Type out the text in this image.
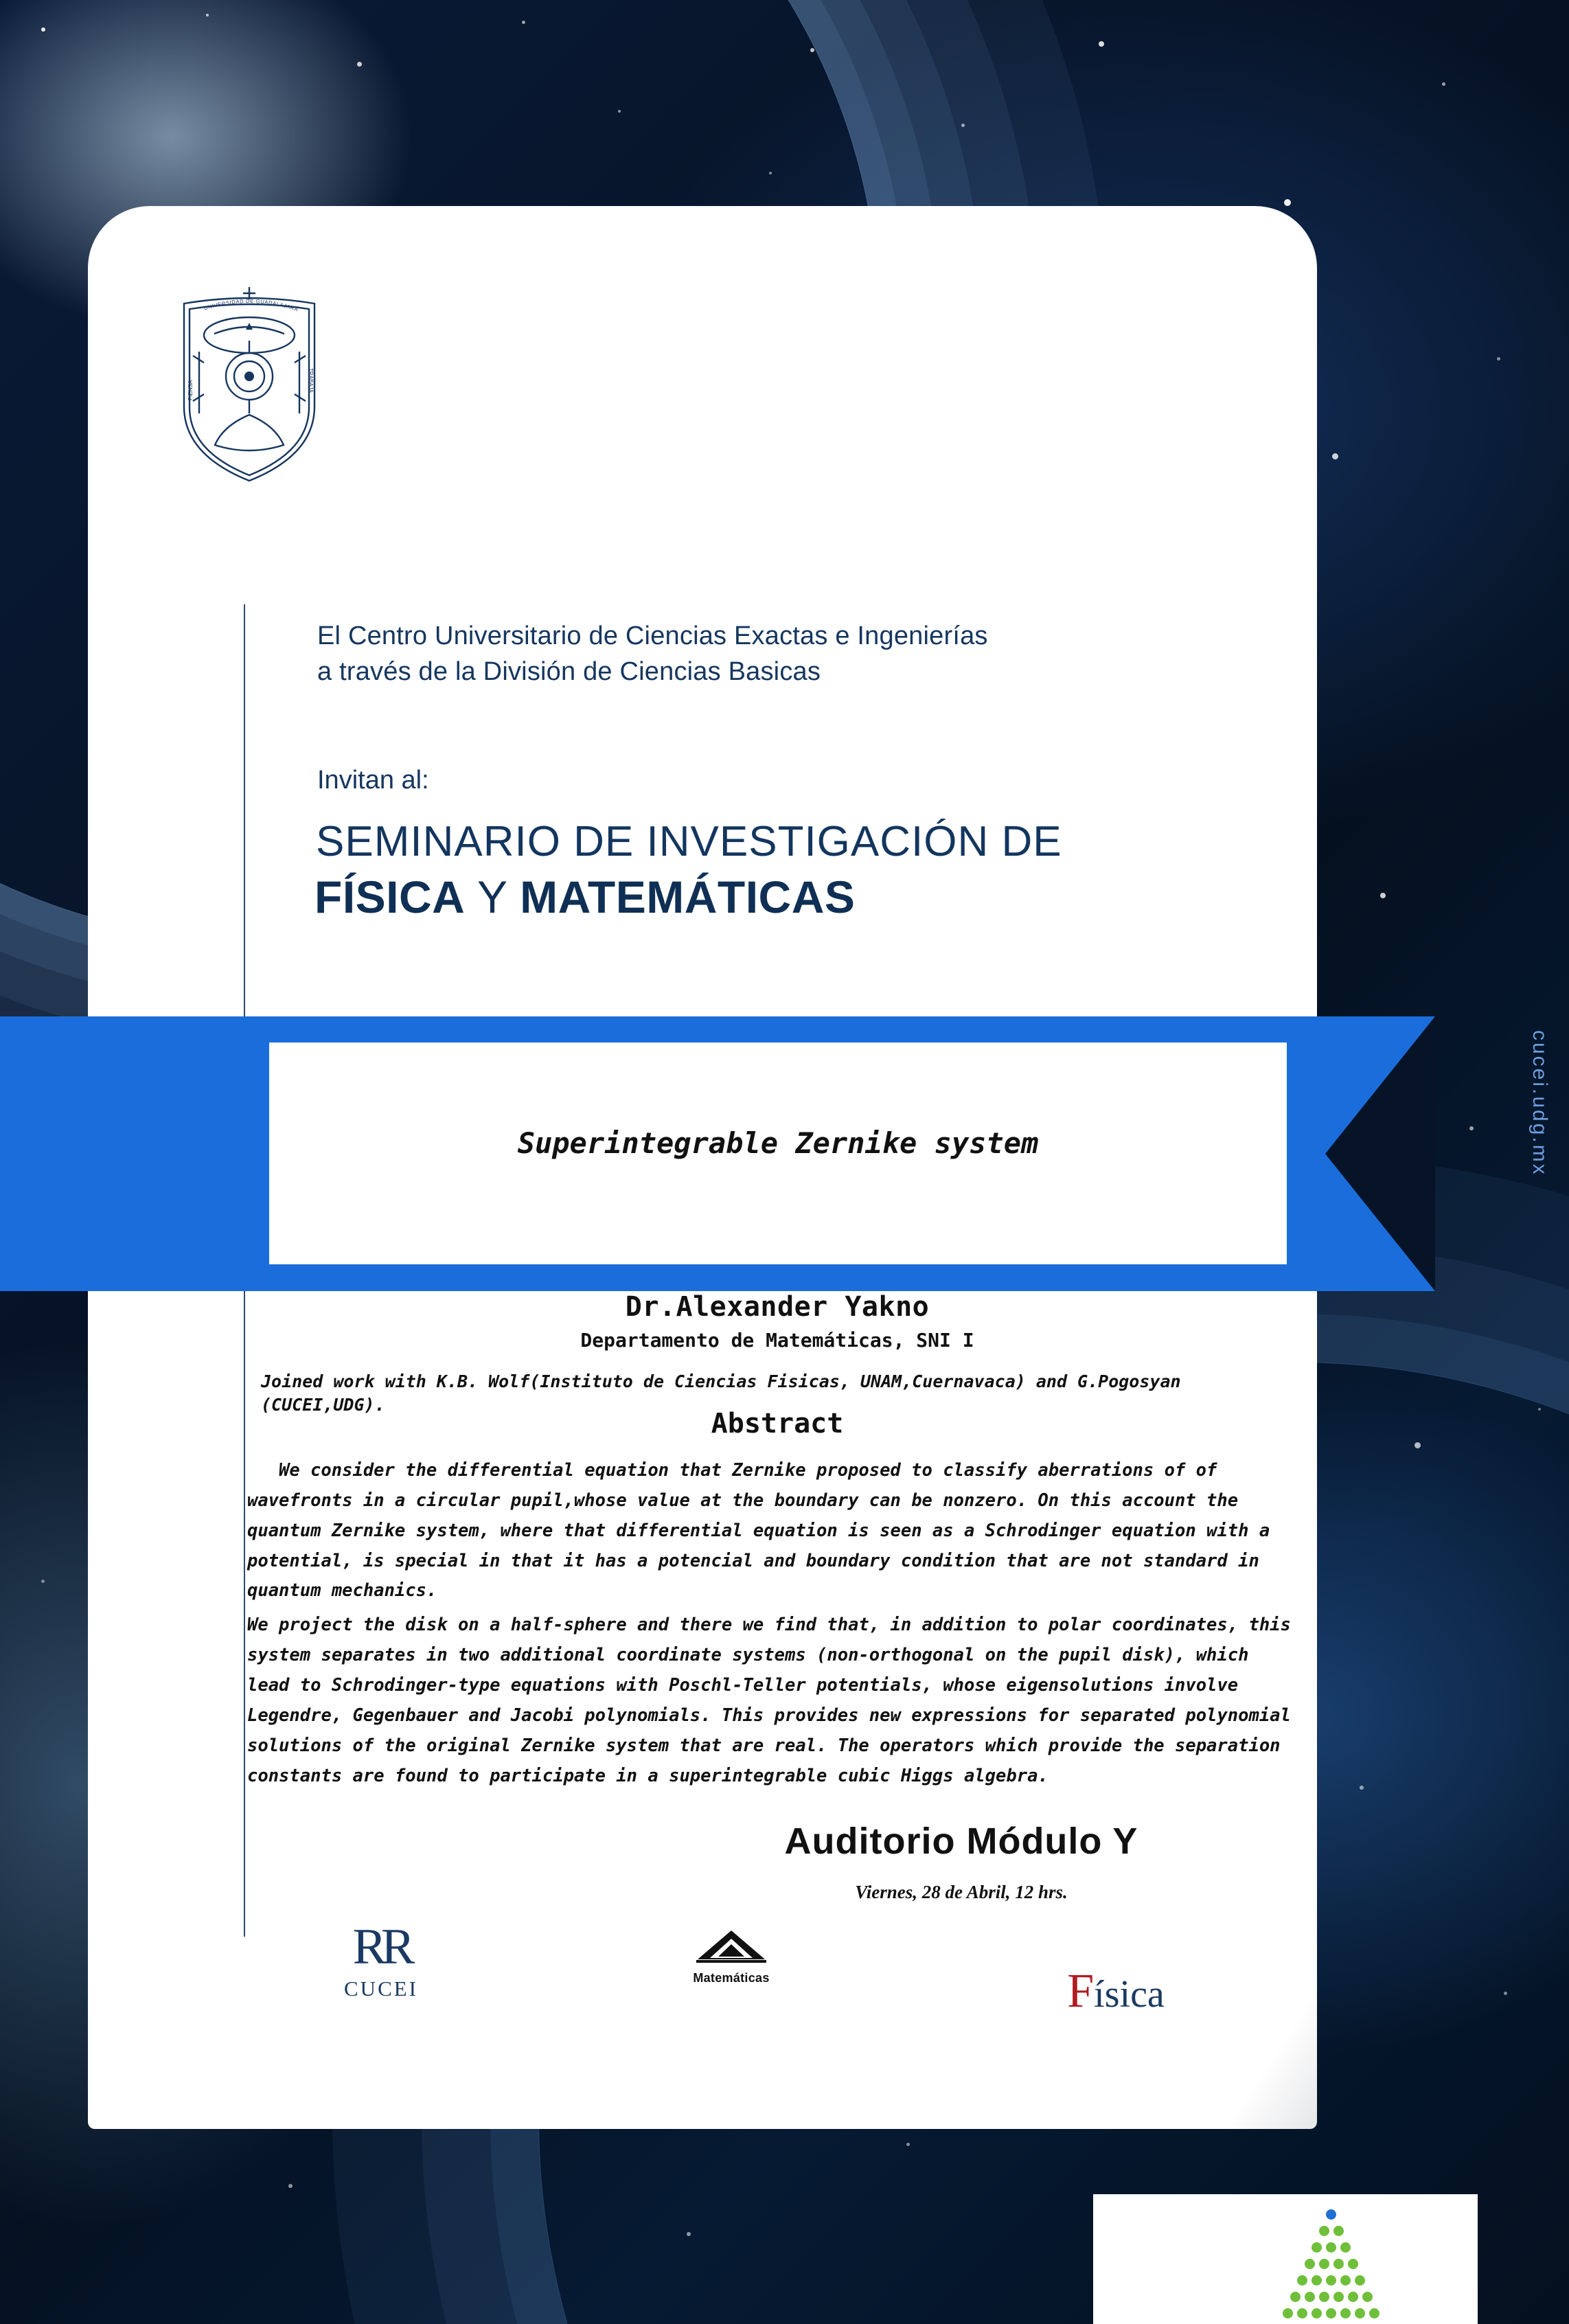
UNIVERSIDAD DE GUADALAJARA
PIENSA	TRABAJA
El Centro Universitario de Ciencias Exactas e Ingenierías
a través de la División de Ciencias Basicas
Invitan al:
SEMINARIO DE INVESTIGACIÓN DE
FÍSICA Y MATEMÁTICAS
Superintegrable Zernike system
Dr.Alexander Yakno
Departamento de Matemáticas, SNI I
Joined work with K.B. Wolf(Instituto de Ciencias Fisicas, UNAM,Cuernavaca) and G.Pogosyan (CUCEI,UDG).
Abstract

We consider the differential equation that Zernike proposed to classify aberrations of of wavefronts in a circular pupil,whose value at the boundary can be nonzero. On this account the quantum Zernike system, where that differential equation is seen as a Schrodinger equation with a potential, is special in that it has a potencial and boundary condition that are not standard in quantum mechanics.

We project the disk on a half-sphere and there we find that, in addition to polar coordinates, this system separates in two additional coordinate systems (non-orthogonal on the pupil disk), which lead to Schrodinger-type equations with Poschl-Teller potentials, whose eigensolutions involve Legendre, Gegenbauer and Jacobi polynomials. This provides new expressions for separated polynomial solutions of the original Zernike system that are real. The operators which provide the separation constants are found to participate in a superintegrable cubic Higgs algebra.

Auditorio Módulo Y
Viernes, 28 de Abril, 12 hrs.
RR
CUCEI	Matemáticas	Física
cucei.udg.mx
